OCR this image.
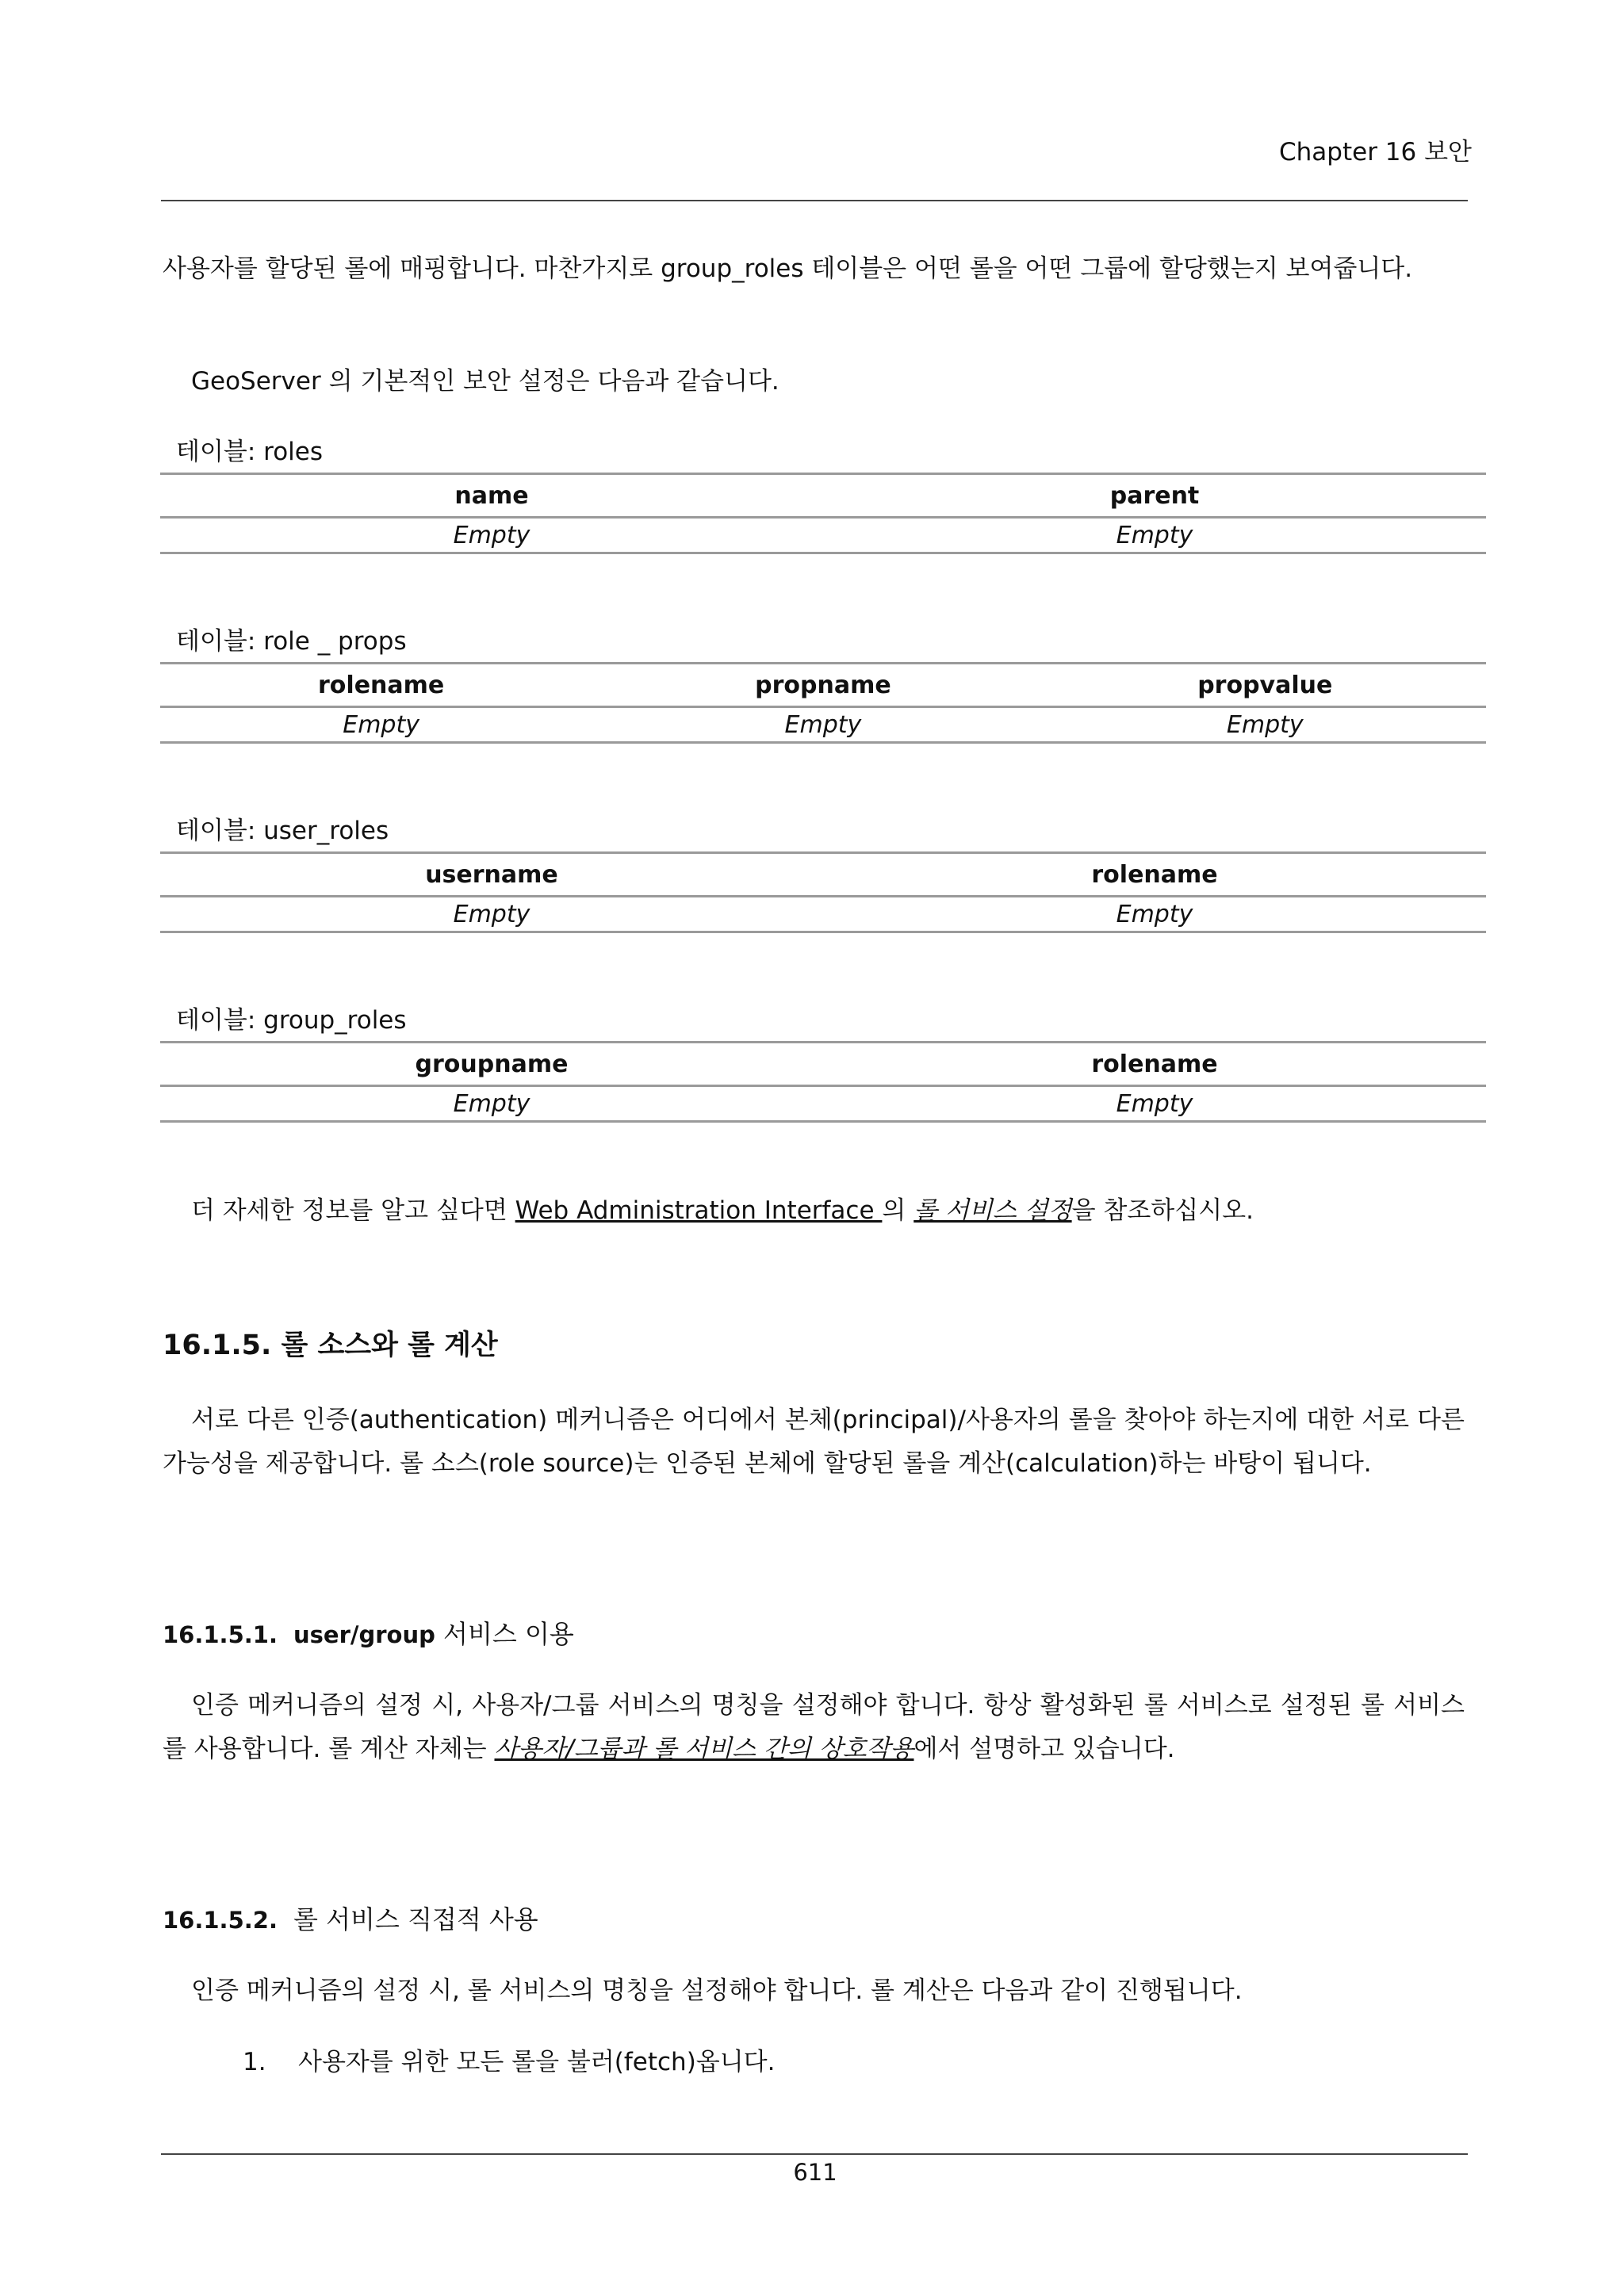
Chapter 16 보안
사용자를 할당된 롤에 매핑합니다. 마찬가지로 group_roles 테이블은 어떤 롤을 어떤 그룹에 할당했는지 보여줍니다.
GeoServer 의 기본적인 보안 설정은 다음과 같습니다.
테이블: roles
name	parent
Empty	Empty
테이블: role _ props
rolename	propname	propvalue
Empty	Empty	Empty
테이블: user_roles
username	rolename
Empty	Empty
테이블: group_roles
groupname	rolename
Empty	Empty
더 자세한 정보를 알고 싶다면 Web Administration Interface 의 롤 서비스 설정을 참조하십시오.
16.1.5. 롤 소스와 롤 계산
서로 다른 인증(authentication) 메커니즘은 어디에서 본체(principal)/사용자의 롤을 찾아야 하는지에 대한 서로 다른 가능성을 제공합니다. 롤 소스(role source)는 인증된 본체에 할당된 롤을 계산(calculation)하는 바탕이 됩니다.
16.1.5.1. user/group 서비스 이용
인증 메커니즘의 설정 시, 사용자/그룹 서비스의 명칭을 설정해야 합니다. 항상 활성화된 롤 서비스로 설정된 롤 서비스를 사용합니다. 롤 계산 자체는 사용자/그룹과 롤 서비스 간의 상호작용에서 설명하고 있습니다.
16.1.5.2. 롤 서비스 직접적 사용
인증 메커니즘의 설정 시, 롤 서비스의 명칭을 설정해야 합니다. 롤 계산은 다음과 같이 진행됩니다.
1. 사용자를 위한 모든 롤을 불러(fetch)옵니다.
611
